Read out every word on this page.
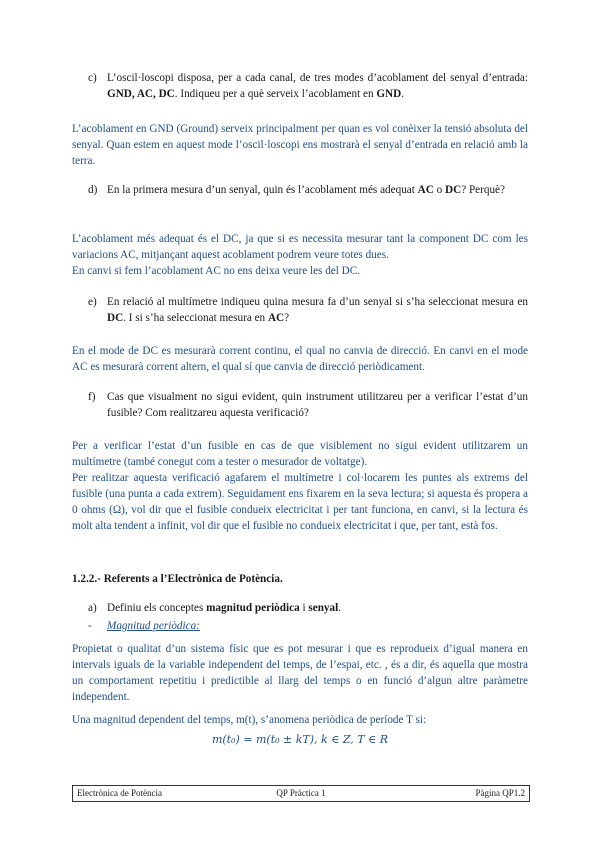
c) L’oscil·loscopi disposa, per a cada canal, de tres modes d’acoblament del senyal d’entrada: GND, AC, DC. Indiqueu per a què serveix l’acoblament en GND.

L’acoblament en GND (Ground) serveix principalment per quan es vol conèixer la tensió absoluta del senyal. Quan estem en aquest mode l’oscil·loscopi ens mostrarà el senyal d’entrada en relació amb la terra.

d) En la primera mesura d’un senyal, quin és l’acoblament més adequat AC o DC? Perquè?

L’acoblament més adequat és el DC, ja que si es necessita mesurar tant la component DC com les variacions AC, mitjançant aquest acoblament podrem veure totes dues.

En canvi si fem l’acoblament AC no ens deixa veure les del DC.

e) En relació al multímetre indiqueu quina mesura fa d’un senyal si s’ha seleccionat mesura en DC. I si s’ha seleccionat mesura en AC?

En el mode de DC es mesurarà corrent continu, el qual no canvia de direcció. En canvi en el mode AC es mesurarà corrent altern, el qual sí que canvia de direcció periòdicament.

f) Cas que visualment no sigui evident, quin instrument utilitzareu per a verificar l’estat d’un fusible? Com realitzareu aquesta verificació?

Per a verificar l’estat d’un fusible en cas de que visiblement no sigui evident utilitzarem un multímetre (també conegut com a tester o mesurador de voltatge).

Per realitzar aquesta verificació agafarem el multímetre i col·locarem les puntes als extrems del fusible (una punta a cada extrem). Seguidament ens fixarem en la seva lectura; si aquesta és propera a 0 ohms (Ω), vol dir que el fusible condueix electricitat i per tant funciona, en canvi, si la lectura és molt alta tendent a infinit, vol dir que el fusible no condueix electricitat i que, per tant, està fos.

1.2.2.- Referents a l’Electrònica de Potència.
a) Definiu els conceptes magnitud periòdica i senyal.
- Magnitud periòdica:

Propietat o qualitat d’un sistema físic que es pot mesurar i que es reprodueix d’igual manera en intervals iguals de la variable independent del temps, de l’espai, etc. , és a dir, és aquella que mostra un comportament repetitiu i predictible al llarg del temps o en funció d’algun altre paràmetre independent.

Una magnitud dependent del temps, m(t), s’anomena periòdica de període T si:

m(t₀) = m(t₀ ± kT), k ∈ Z, T ∈ R
Electrònica de Potència	QP Pràctica 1	Pàgina QP1.2
